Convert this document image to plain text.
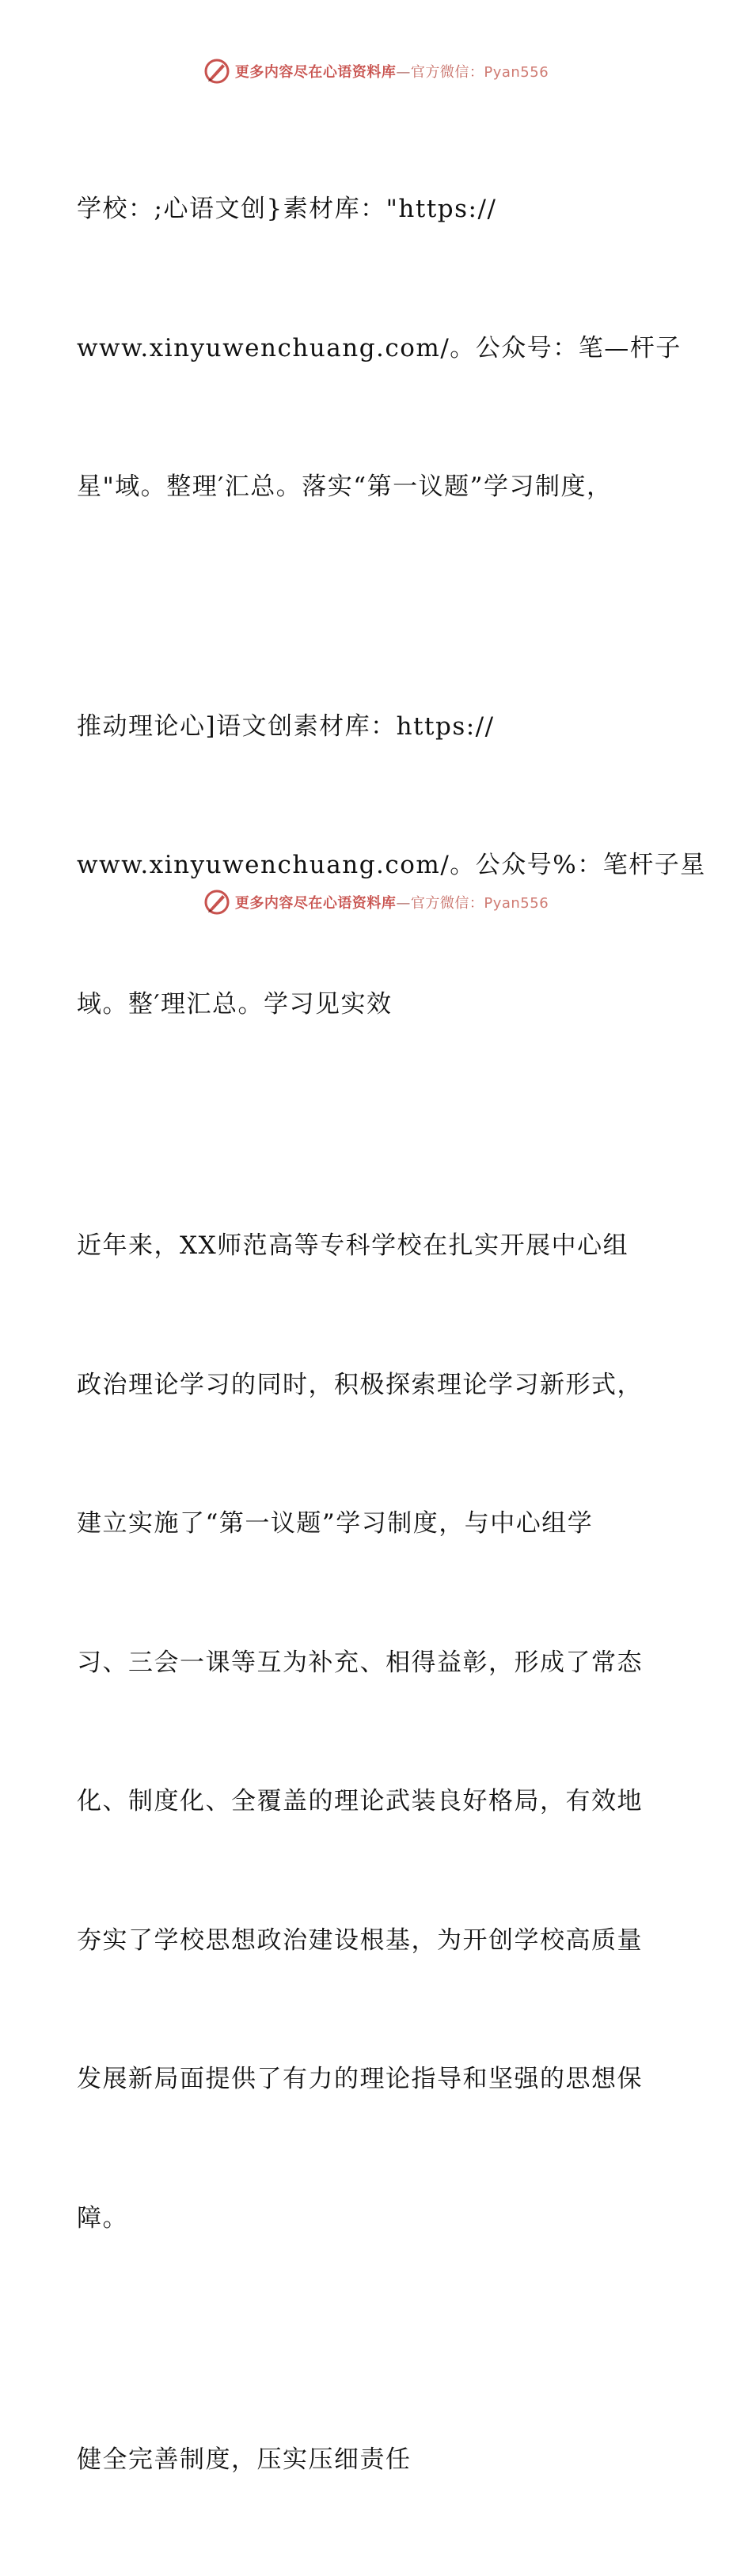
更多内容尽在心语资料库—官方微信：Pyan556

学校：;心语文创}素材库："https://

www.xinyuwenchuang.com/。公众号：笔—杆子

星"域。整理′汇总。落实“第一议题”学习制度，

推动理论心]语文创素材库：https://

www.xinyuwenchuang.com/。公众号%：笔杆子星

域。整′理汇总。学习见实效

近年来，XX师范高等专科学校在扎实开展中心组

政治理论学习的同时，积极探索理论学习新形式，

建立实施了“第一议题”学习制度，与中心组学

习、三会一课等互为补充、相得益彰，形成了常态

化、制度化、全覆盖的理论武装良好格局，有效地

夯实了学校思想政治建设根基，为开创学校高质量

发展新局面提供了有力的理论指导和坚强的思想保

障。

健全完善制度，压实压细责任

更多内容尽在心语资料库—官方微信：Pyan556
